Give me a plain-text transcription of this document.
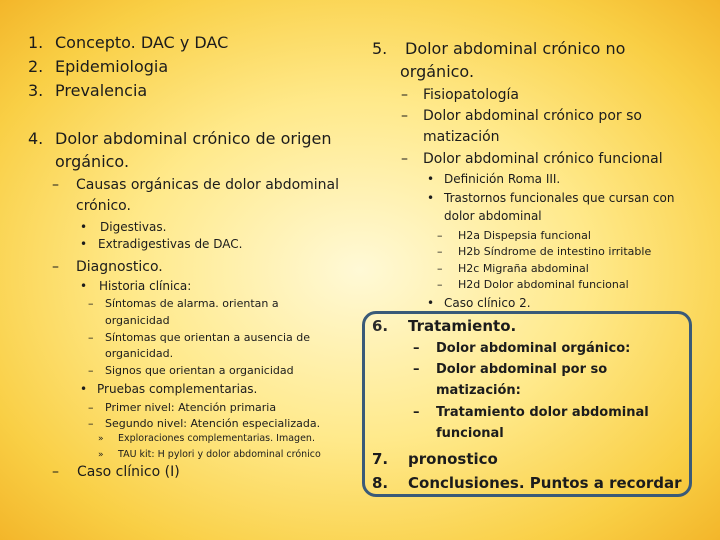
1. Concepto. DAC y DAC
2. Epidemiologia
3. Prevalencia
4. Dolor abdominal crónico de origen
orgánico.
– Causas orgánicas de dolor abdominal
crónico.
• Digestivas.
• Extradigestivas de DAC.
– Diagnostico.
• Historia clínica:
– Síntomas de alarma. orientan a
organicidad
– Síntomas que orientan a ausencia de
organicidad.
– Signos que orientan a organicidad
• Pruebas complementarias.
– Primer nivel: Atención primaria
– Segundo nivel: Atención especializada.
» Exploraciones complementarias. Imagen.
» TAU kit: H pylori y dolor abdominal crónico
– Caso clínico (I)
5. Dolor abdominal crónico no
orgánico.
– Fisiopatología
– Dolor abdominal crónico por so
matización
– Dolor abdominal crónico funcional
• Definición Roma III.
• Trastornos funcionales que cursan con
dolor abdominal
– H2a Dispepsia funcional
– H2b Síndrome de intestino irritable
– H2c Migraña abdominal
– H2d Dolor abdominal funcional
• Caso clínico 2.
6. Tratamiento.
– Dolor abdominal orgánico:
– Dolor abdominal por so
matización:
– Tratamiento dolor abdominal
funcional
7. pronostico
8. Conclusiones. Puntos a recordar
